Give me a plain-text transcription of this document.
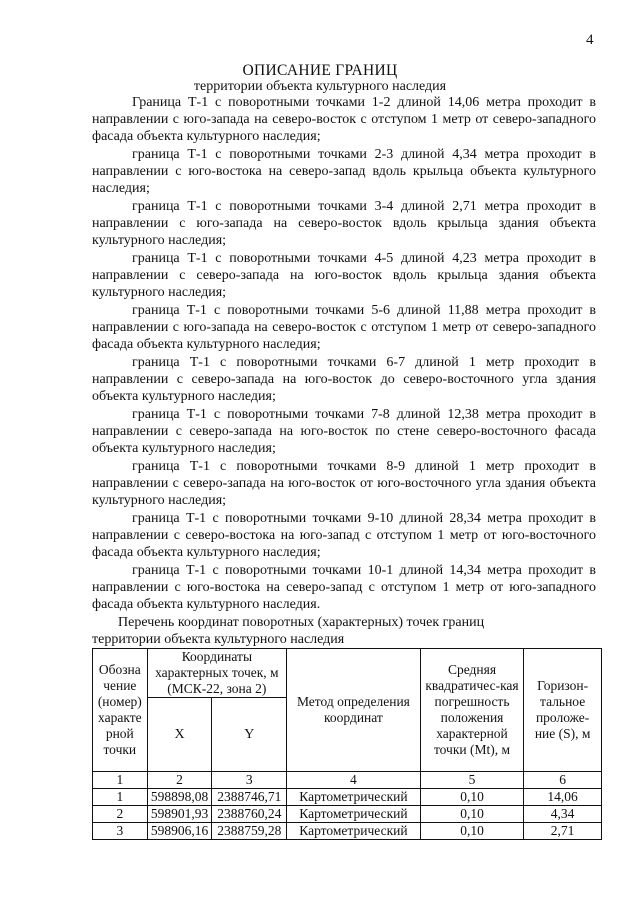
4
ОПИСАНИЕ ГРАНИЦ
территории объекта культурного наследия

Граница Т-1 с поворотными точками 1-2 длиной 14,06 метра проходит в направлении с юго-запада на северо-восток с отступом 1 метр от северо-западного фасада объекта культурного наследия;

граница Т-1 с поворотными точками 2-3 длиной 4,34 метра проходит в направлении с юго-востока на северо-запад вдоль крыльца объекта культурного наследия;

граница Т-1 с поворотными точками 3-4 длиной 2,71 метра проходит в направлении с юго-запада на северо-восток вдоль крыльца здания объекта культурного наследия;

граница Т-1 с поворотными точками 4-5 длиной 4,23 метра проходит в направлении с северо-запада на юго-восток вдоль крыльца здания объекта культурного наследия;

граница Т-1 с поворотными точками 5-6 длиной 11,88 метра проходит в направлении с юго-запада на северо-восток с отступом 1 метр от северо-западного фасада объекта культурного наследия;

граница Т-1 с поворотными точками 6-7 длиной 1 метр проходит в направлении с северо-запада на юго-восток до северо-восточного угла здания объекта культурного наследия;

граница Т-1 с поворотными точками 7-8 длиной 12,38 метра проходит в направлении с северо-запада на юго-восток по стене северо-восточного фасада объекта культурного наследия;

граница Т-1 с поворотными точками 8-9 длиной 1 метр проходит в направлении с северо-запада на юго-восток от юго-восточного угла здания объекта культурного наследия;

граница Т-1 с поворотными точками 9-10 длиной 28,34 метра проходит в направлении с северо-востока на юго-запад с отступом 1 метр от юго-восточного фасада объекта культурного наследия;

граница Т-1 с поворотными точками 10-1 длиной 14,34 метра проходит в направлении с юго-востока на северо-запад с отступом 1 метр от юго-западного фасада объекта культурного наследия.

Перечень координат поворотных (характерных) точек границ
территории объекта культурного наследия
Обозна чение (номер) характе рной точки	Координаты характерных точек, м (МСК-22, зона 2)		Метод определения координат	Средняя квадратичес-кая погрешность положения характерной точки (Mt), м	Горизон-тальное проложе-ние (S), м
	X	Y			
1	2	3	4	5	6
1	598898,08	2388746,71	Картометрический	0,10	14,06
2	598901,93	2388760,24	Картометрический	0,10	4,34
3	598906,16	2388759,28	Картометрический	0,10	2,71
